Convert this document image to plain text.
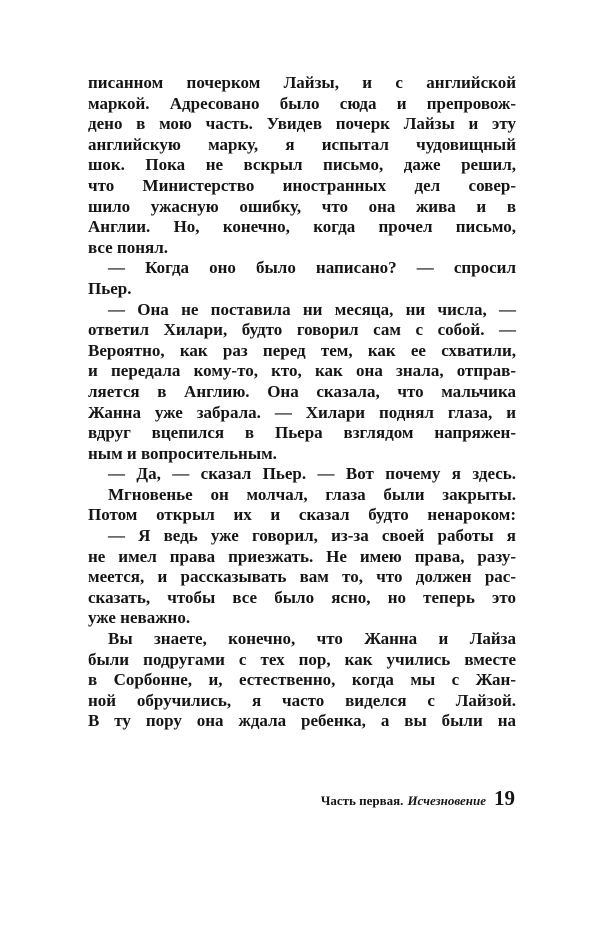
писанном почерком Лайзы, и с английской
маркой. Адресовано было сюда и препровож-
дено в мою часть. Увидев почерк Лайзы и эту
английскую марку, я испытал чудовищный
шок. Пока не вскрыл письмо, даже решил,
что Министерство иностранных дел совер-
шило ужасную ошибку, что она жива и в
Англии. Но, конечно, когда прочел письмо,
все понял.
— Когда оно было написано? — спросил
Пьер.
— Она не поставила ни месяца, ни числа, —
ответил Хилари, будто говорил сам с собой. —
Вероятно, как раз перед тем, как ее схватили,
и передала кому-то, кто, как она знала, отправ-
ляется в Англию. Она сказала, что мальчика
Жанна уже забрала. — Хилари поднял глаза, и
вдруг вцепился в Пьера взглядом напряжен-
ным и вопросительным.
— Да, — сказал Пьер. — Вот почему я здесь.
Мгновенье он молчал, глаза были закрыты.
Потом открыл их и сказал будто ненароком:
— Я ведь уже говорил, из-за своей работы я
не имел права приезжать. Не имею права, разу-
меется, и рассказывать вам то, что должен рас-
сказать, чтобы все было ясно, но теперь это
уже неважно.
Вы знаете, конечно, что Жанна и Лайза
были подругами с тех пор, как учились вместе
в Сорбонне, и, естественно, когда мы с Жан-
ной обручились, я часто виделся с Лайзой.
В ту пору она ждала ребенка, а вы были на
Часть первая. Исчезновение 19
